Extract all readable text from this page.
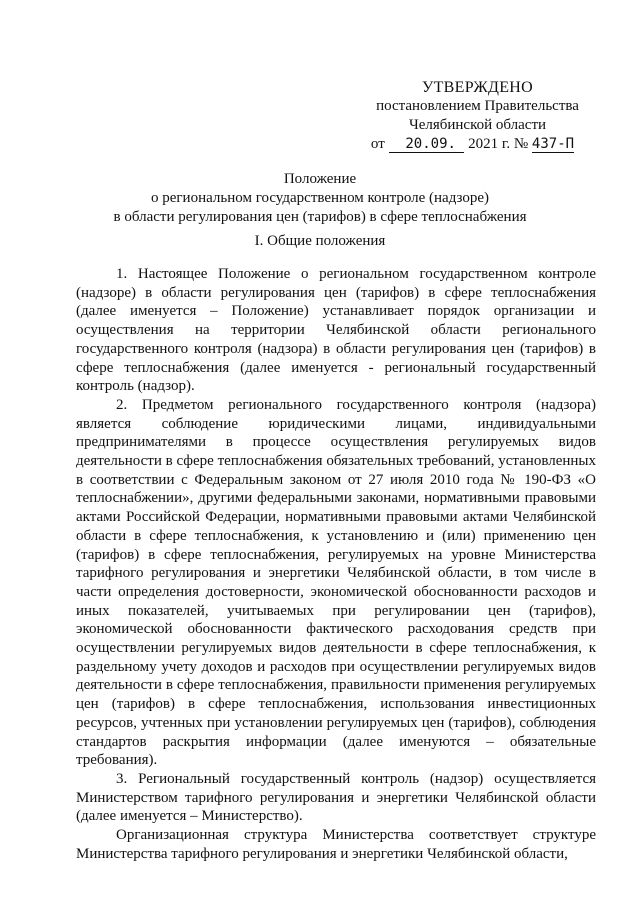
УТВЕРЖДЕНО
постановлением Правительства
Челябинской области
от 20.09. 2021 г. № 437-П
Положение
о региональном государственном контроле (надзоре)
в области регулирования цен (тарифов) в сфере теплоснабжения
I. Общие положения

1. Настоящее Положение о региональном государственном контроле (надзоре) в области регулирования цен (тарифов) в сфере теплоснабжения (далее именуется – Положение) устанавливает порядок организации и осуществления на территории Челябинской области регионального государственного контроля (надзора) в области регулирования цен (тарифов) в сфере теплоснабжения (далее именуется - региональный государственный контроль (надзор).

2. Предметом регионального государственного контроля (надзора) является соблюдение юридическими лицами, индивидуальными предпринимателями в процессе осуществления регулируемых видов деятельности в сфере теплоснабжения обязательных требований, установленных в соответствии с Федеральным законом от 27 июля 2010 года № 190-ФЗ «О теплоснабжении», другими федеральными законами, нормативными правовыми актами Российской Федерации, нормативными правовыми актами Челябинской области в сфере теплоснабжения, к установлению и (или) применению цен (тарифов) в сфере теплоснабжения, регулируемых на уровне Министерства тарифного регулирования и энергетики Челябинской области, в том числе в части определения достоверности, экономической обоснованности расходов и иных показателей, учитываемых при регулировании цен (тарифов), экономической обоснованности фактического расходования средств при осуществлении регулируемых видов деятельности в сфере теплоснабжения, к раздельному учету доходов и расходов при осуществлении регулируемых видов деятельности в сфере теплоснабжения, правильности применения регулируемых цен (тарифов) в сфере теплоснабжения, использования инвестиционных ресурсов, учтенных при установлении регулируемых цен (тарифов), соблюдения стандартов раскрытия информации (далее именуются – обязательные требования).

3. Региональный государственный контроль (надзор) осуществляется Министерством тарифного регулирования и энергетики Челябинской области (далее именуется – Министерство).

Организационная структура Министерства соответствует структуре Министерства тарифного регулирования и энергетики Челябинской области,
